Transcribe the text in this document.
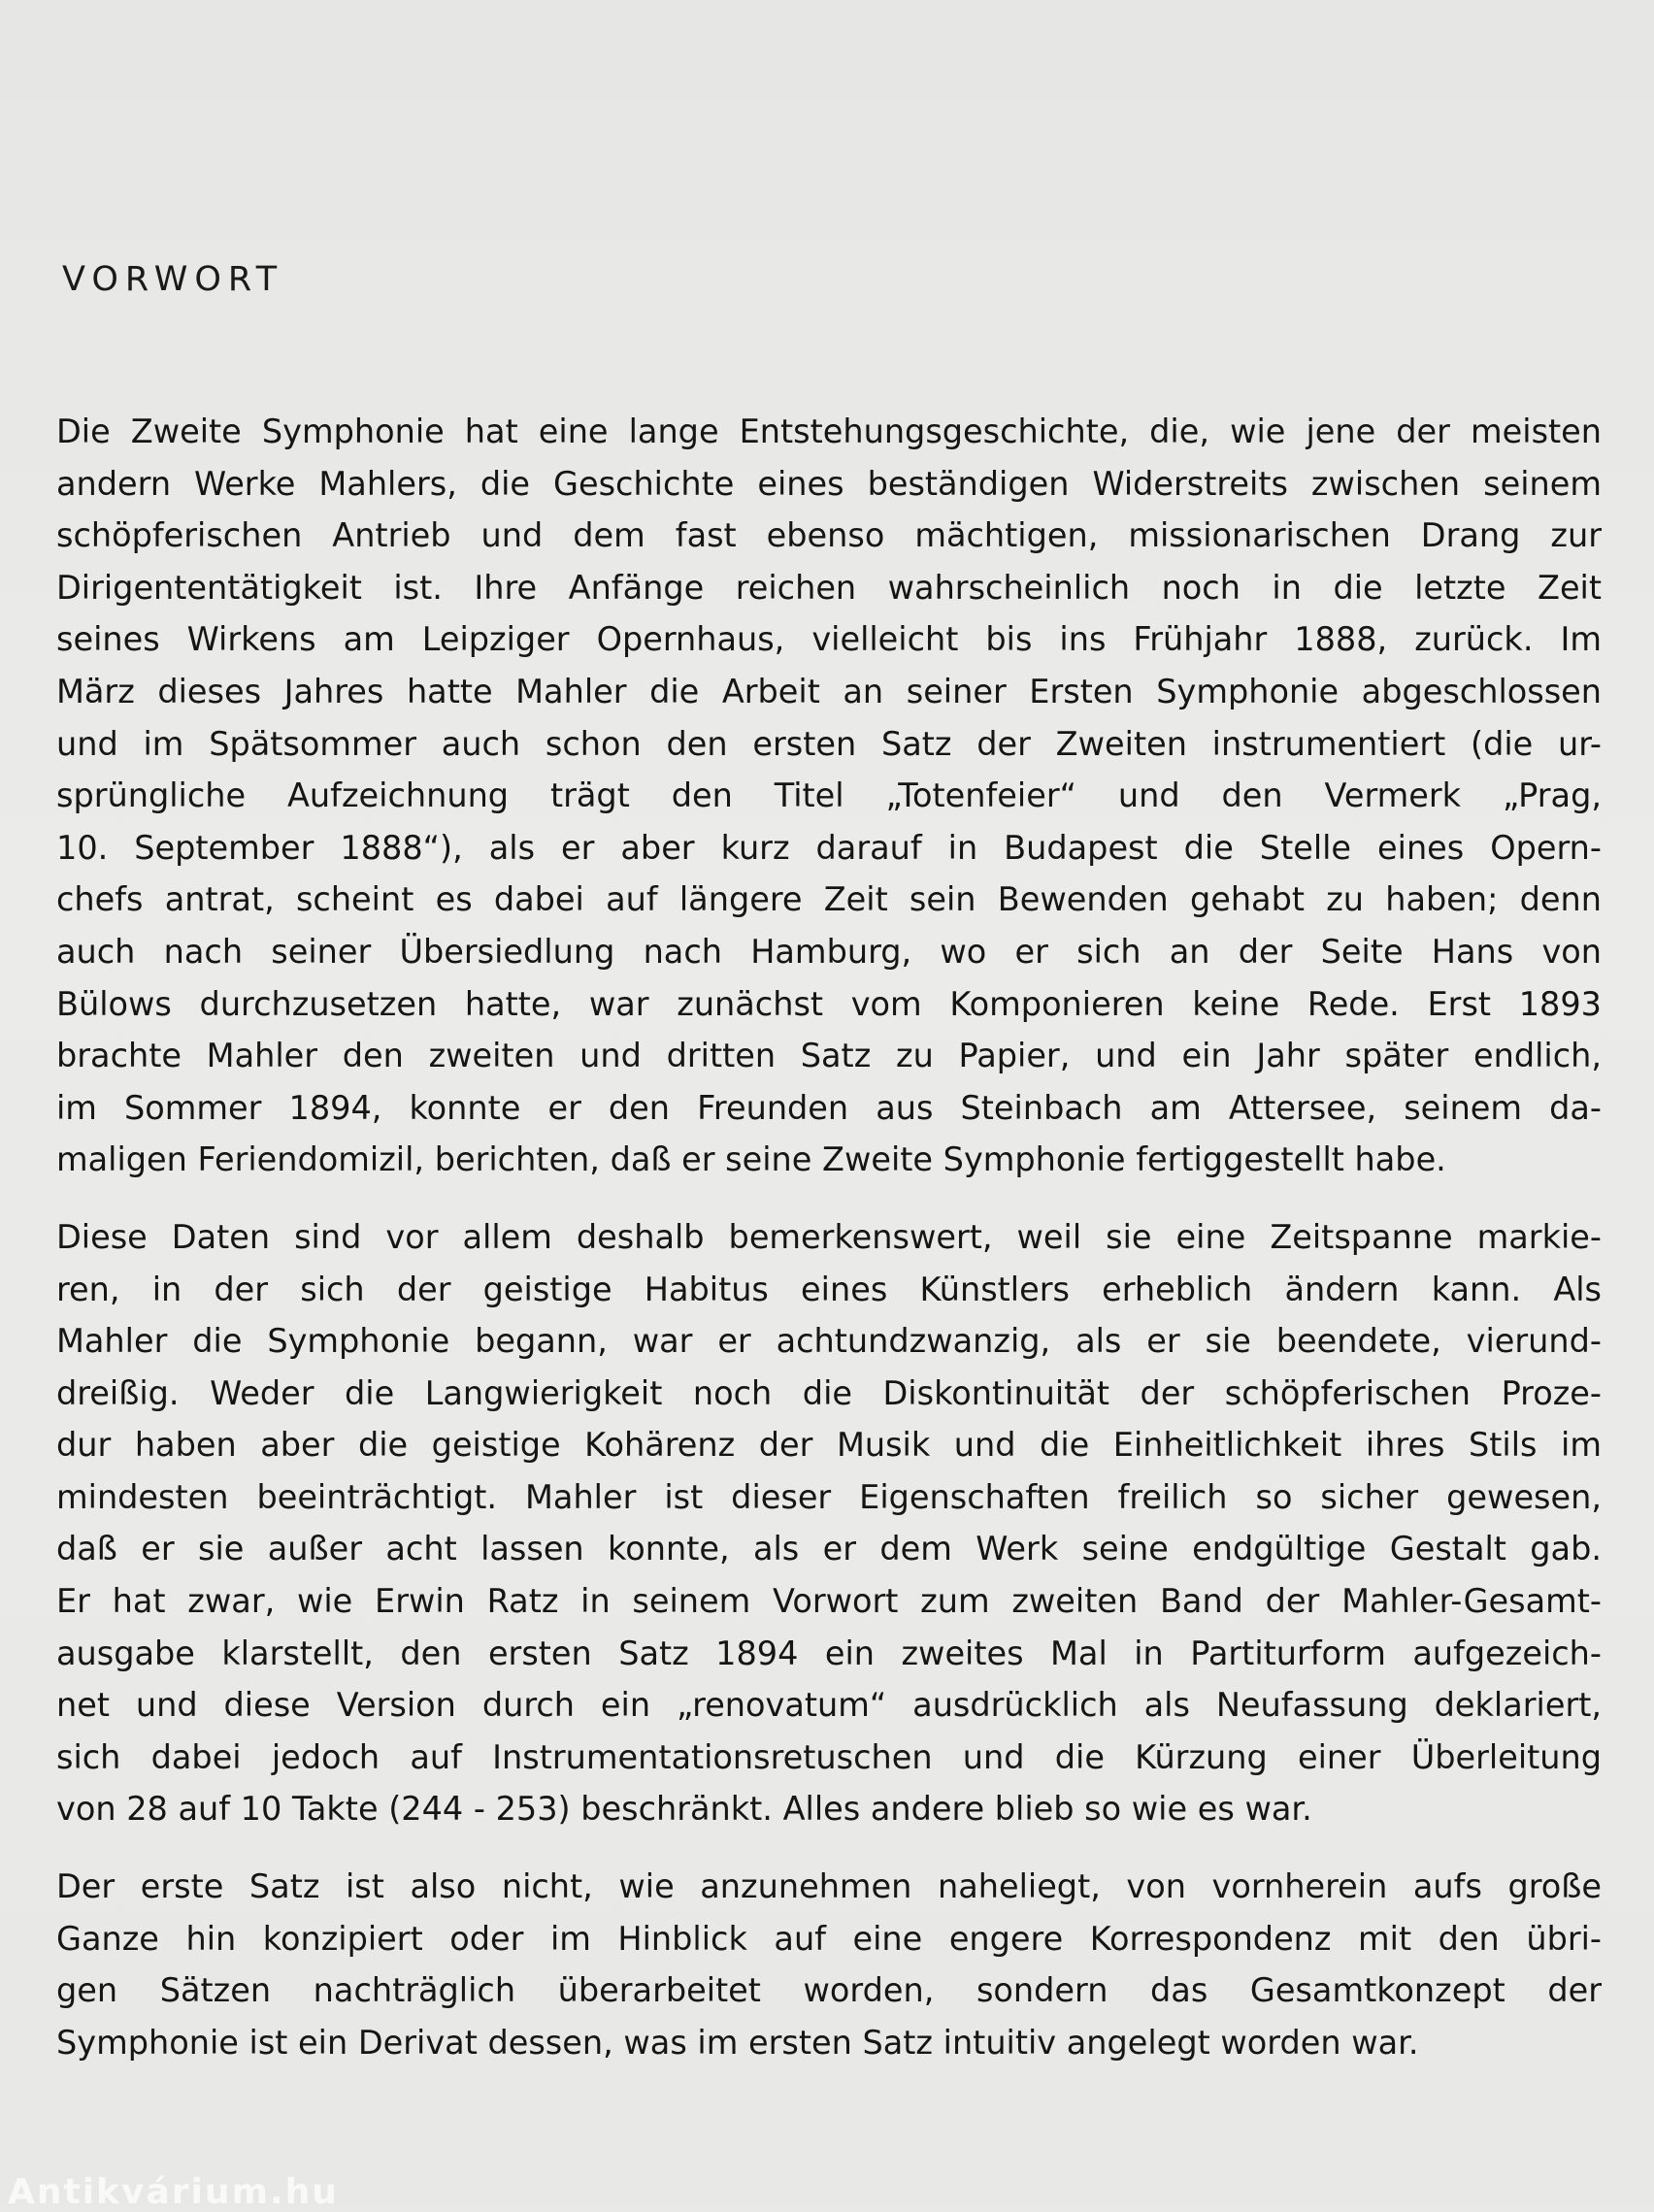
VORWORT
Die Zweite Symphonie hat eine lange Entstehungsgeschichte, die, wie jene der meisten
andern Werke Mahlers, die Geschichte eines beständigen Widerstreits zwischen seinem
schöpferischen Antrieb und dem fast ebenso mächtigen, missionarischen Drang zur
Dirigententätigkeit ist. Ihre Anfänge reichen wahrscheinlich noch in die letzte Zeit
seines Wirkens am Leipziger Opernhaus, vielleicht bis ins Frühjahr 1888, zurück. Im
März dieses Jahres hatte Mahler die Arbeit an seiner Ersten Symphonie abgeschlossen
und im Spätsommer auch schon den ersten Satz der Zweiten instrumentiert (die ur-
sprüngliche Aufzeichnung trägt den Titel „Totenfeier“ und den Vermerk „Prag,
10. September 1888“), als er aber kurz darauf in Budapest die Stelle eines Opern-
chefs antrat, scheint es dabei auf längere Zeit sein Bewenden gehabt zu haben; denn
auch nach seiner Übersiedlung nach Hamburg, wo er sich an der Seite Hans von
Bülows durchzusetzen hatte, war zunächst vom Komponieren keine Rede. Erst 1893
brachte Mahler den zweiten und dritten Satz zu Papier, und ein Jahr später endlich,
im Sommer 1894, konnte er den Freunden aus Steinbach am Attersee, seinem da-
maligen Feriendomizil, berichten, daß er seine Zweite Symphonie fertiggestellt habe.
Diese Daten sind vor allem deshalb bemerkenswert, weil sie eine Zeitspanne markie-
ren, in der sich der geistige Habitus eines Künstlers erheblich ändern kann. Als
Mahler die Symphonie begann, war er achtundzwanzig, als er sie beendete, vierund-
dreißig. Weder die Langwierigkeit noch die Diskontinuität der schöpferischen Proze-
dur haben aber die geistige Kohärenz der Musik und die Einheitlichkeit ihres Stils im
mindesten beeinträchtigt. Mahler ist dieser Eigenschaften freilich so sicher gewesen,
daß er sie außer acht lassen konnte, als er dem Werk seine endgültige Gestalt gab.
Er hat zwar, wie Erwin Ratz in seinem Vorwort zum zweiten Band der Mahler-Gesamt-
ausgabe klarstellt, den ersten Satz 1894 ein zweites Mal in Partiturform aufgezeich-
net und diese Version durch ein „renovatum“ ausdrücklich als Neufassung deklariert,
sich dabei jedoch auf Instrumentationsretuschen und die Kürzung einer Überleitung
von 28 auf 10 Takte (244 - 253) beschränkt. Alles andere blieb so wie es war.
Der erste Satz ist also nicht, wie anzunehmen naheliegt, von vornherein aufs große
Ganze hin konzipiert oder im Hinblick auf eine engere Korrespondenz mit den übri-
gen Sätzen nachträglich überarbeitet worden, sondern das Gesamtkonzept der
Symphonie ist ein Derivat dessen, was im ersten Satz intuitiv angelegt worden war.
Antikvárium.hu
